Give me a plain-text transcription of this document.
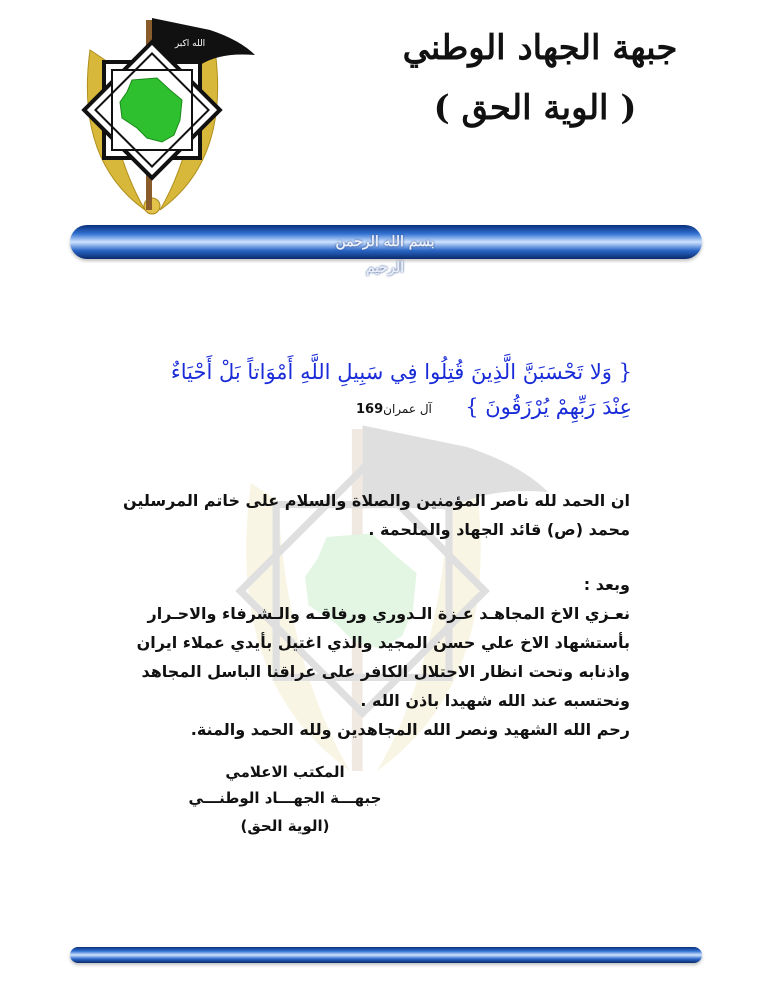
الله اكبر	جبهة الجهاد الوطني
( الوية الحق )
بسم الله الرحمن الرحيم
{ وَلا تَحْسَبَنَّ الَّذِينَ قُتِلُوا فِي سَبِيلِ اللَّهِ أَمْوَاتاً بَلْ أَحْيَاءٌ
عِنْدَ رَبِّهِمْ يُرْزَقُونَ }
آل عمران169
ان الحمد لله ناصر المؤمنين والصلاة والسلام على خاتم المرسلين
محمد (ص) قائد الجهاد والملحمة .
وبعد :
نعـزي الاخ المجاهـد عـزة الـدوري ورفاقـه والـشرفاء والاحـرار
بأستشهاد الاخ علي حسن المجيد والذي اغتيل بأيدي عملاء ايران
واذنابه وتحت انظار الاحتلال الكافر على عراقنا الباسل المجاهد
ونحتسبه عند الله شهيدا باذن الله .
رحم الله الشهيد ونصر الله المجاهدين ولله الحمد والمنة.
المكتب الاعلامي
جبهـــة الجهـــاد الوطنـــي
(الوية الحق)
